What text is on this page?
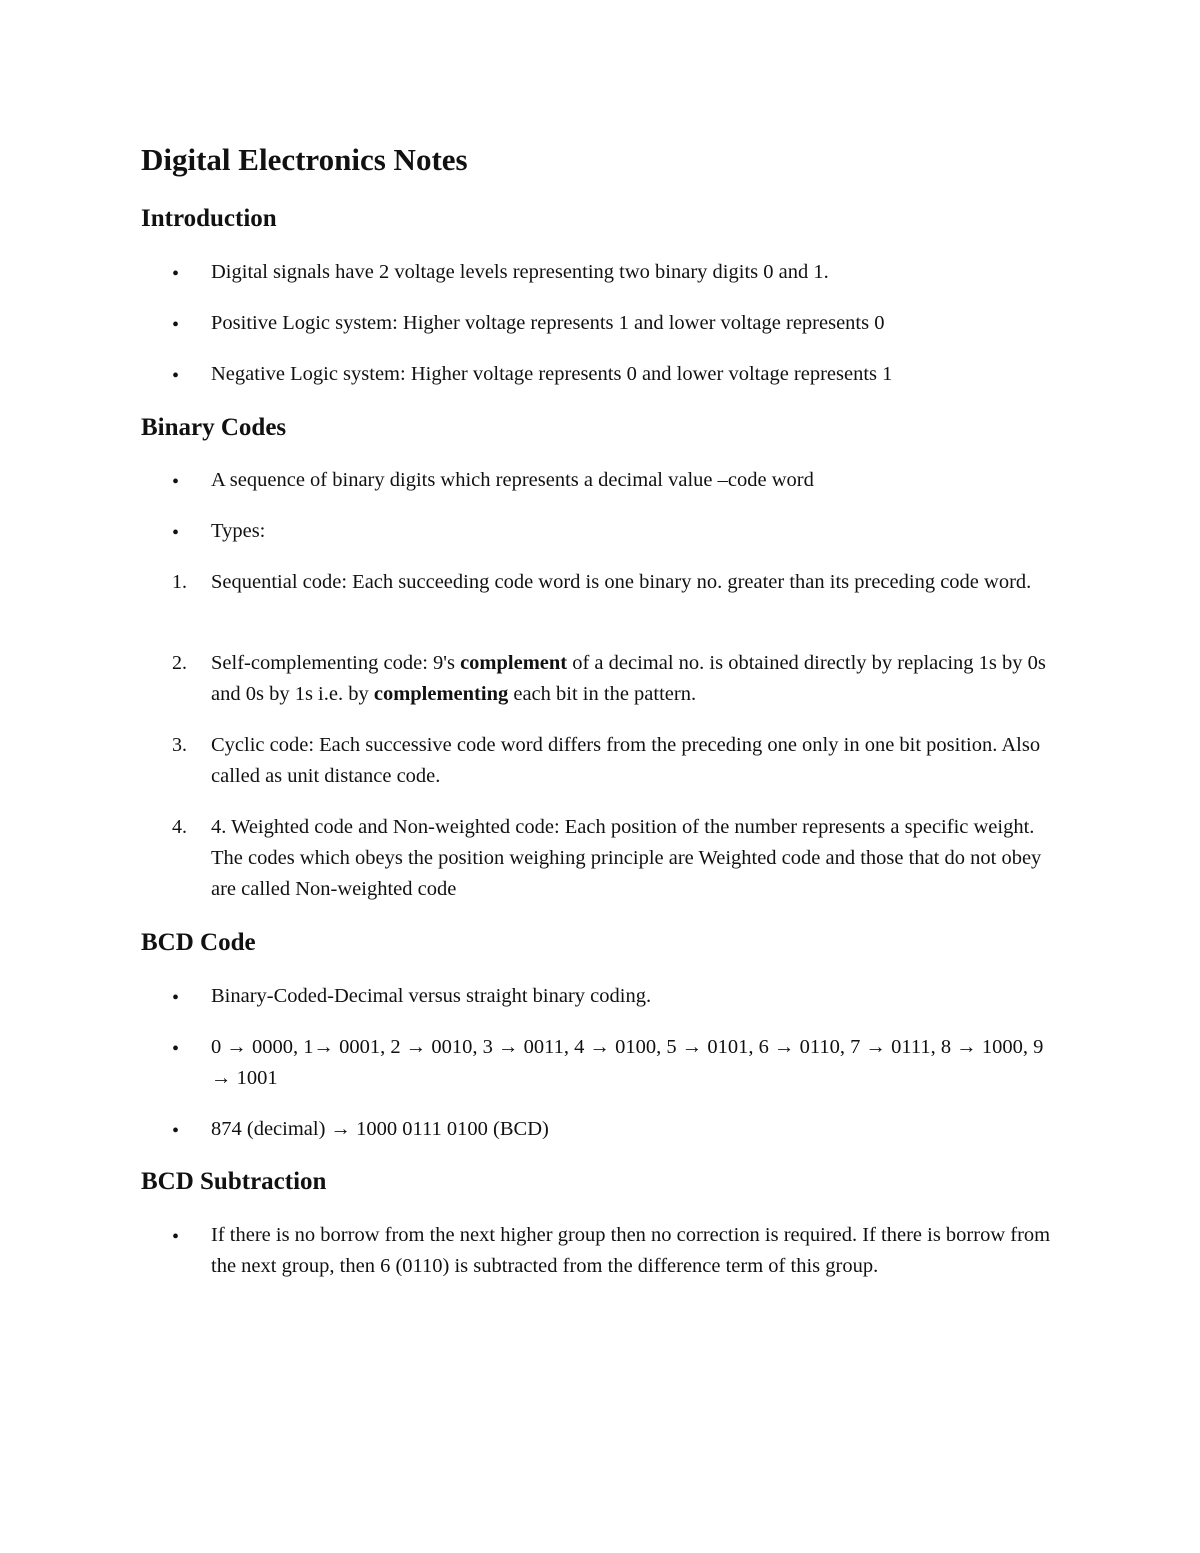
Digital Electronics Notes
Introduction
• Digital signals have 2 voltage levels representing two binary digits 0 and 1.

• Positive Logic system: Higher voltage represents 1 and lower voltage represents 0

• Negative Logic system: Higher voltage represents 0 and lower voltage represents 1

Binary Codes
• A sequence of binary digits which represents a decimal value –code word

• Types:

1. Sequential code: Each succeeding code word is one binary no. greater than its preceding code word.

2. Self-complementing code: 9's complement of a decimal no. is obtained directly by replacing 1s by 0s and 0s by 1s i.e. by complementing each bit in the pattern.

3. Cyclic code: Each successive code word differs from the preceding one only in one bit position. Also called as unit distance code.

4. 4. Weighted code and Non-weighted code: Each position of the number represents a specific weight. The codes which obeys the position weighing principle are Weighted code and those that do not obey are called Non-weighted code

BCD Code
• Binary-Coded-Decimal versus straight binary coding.

• 0 → 0000, 1→ 0001, 2 → 0010, 3 → 0011, 4 → 0100, 5 → 0101, 6 → 0110, 7 → 0111, 8 → 1000, 9 → 1001

• 874 (decimal) → 1000 0111 0100 (BCD)

BCD Subtraction
• If there is no borrow from the next higher group then no correction is required. If there is borrow from the next group, then 6 (0110) is subtracted from the difference term of this group.
